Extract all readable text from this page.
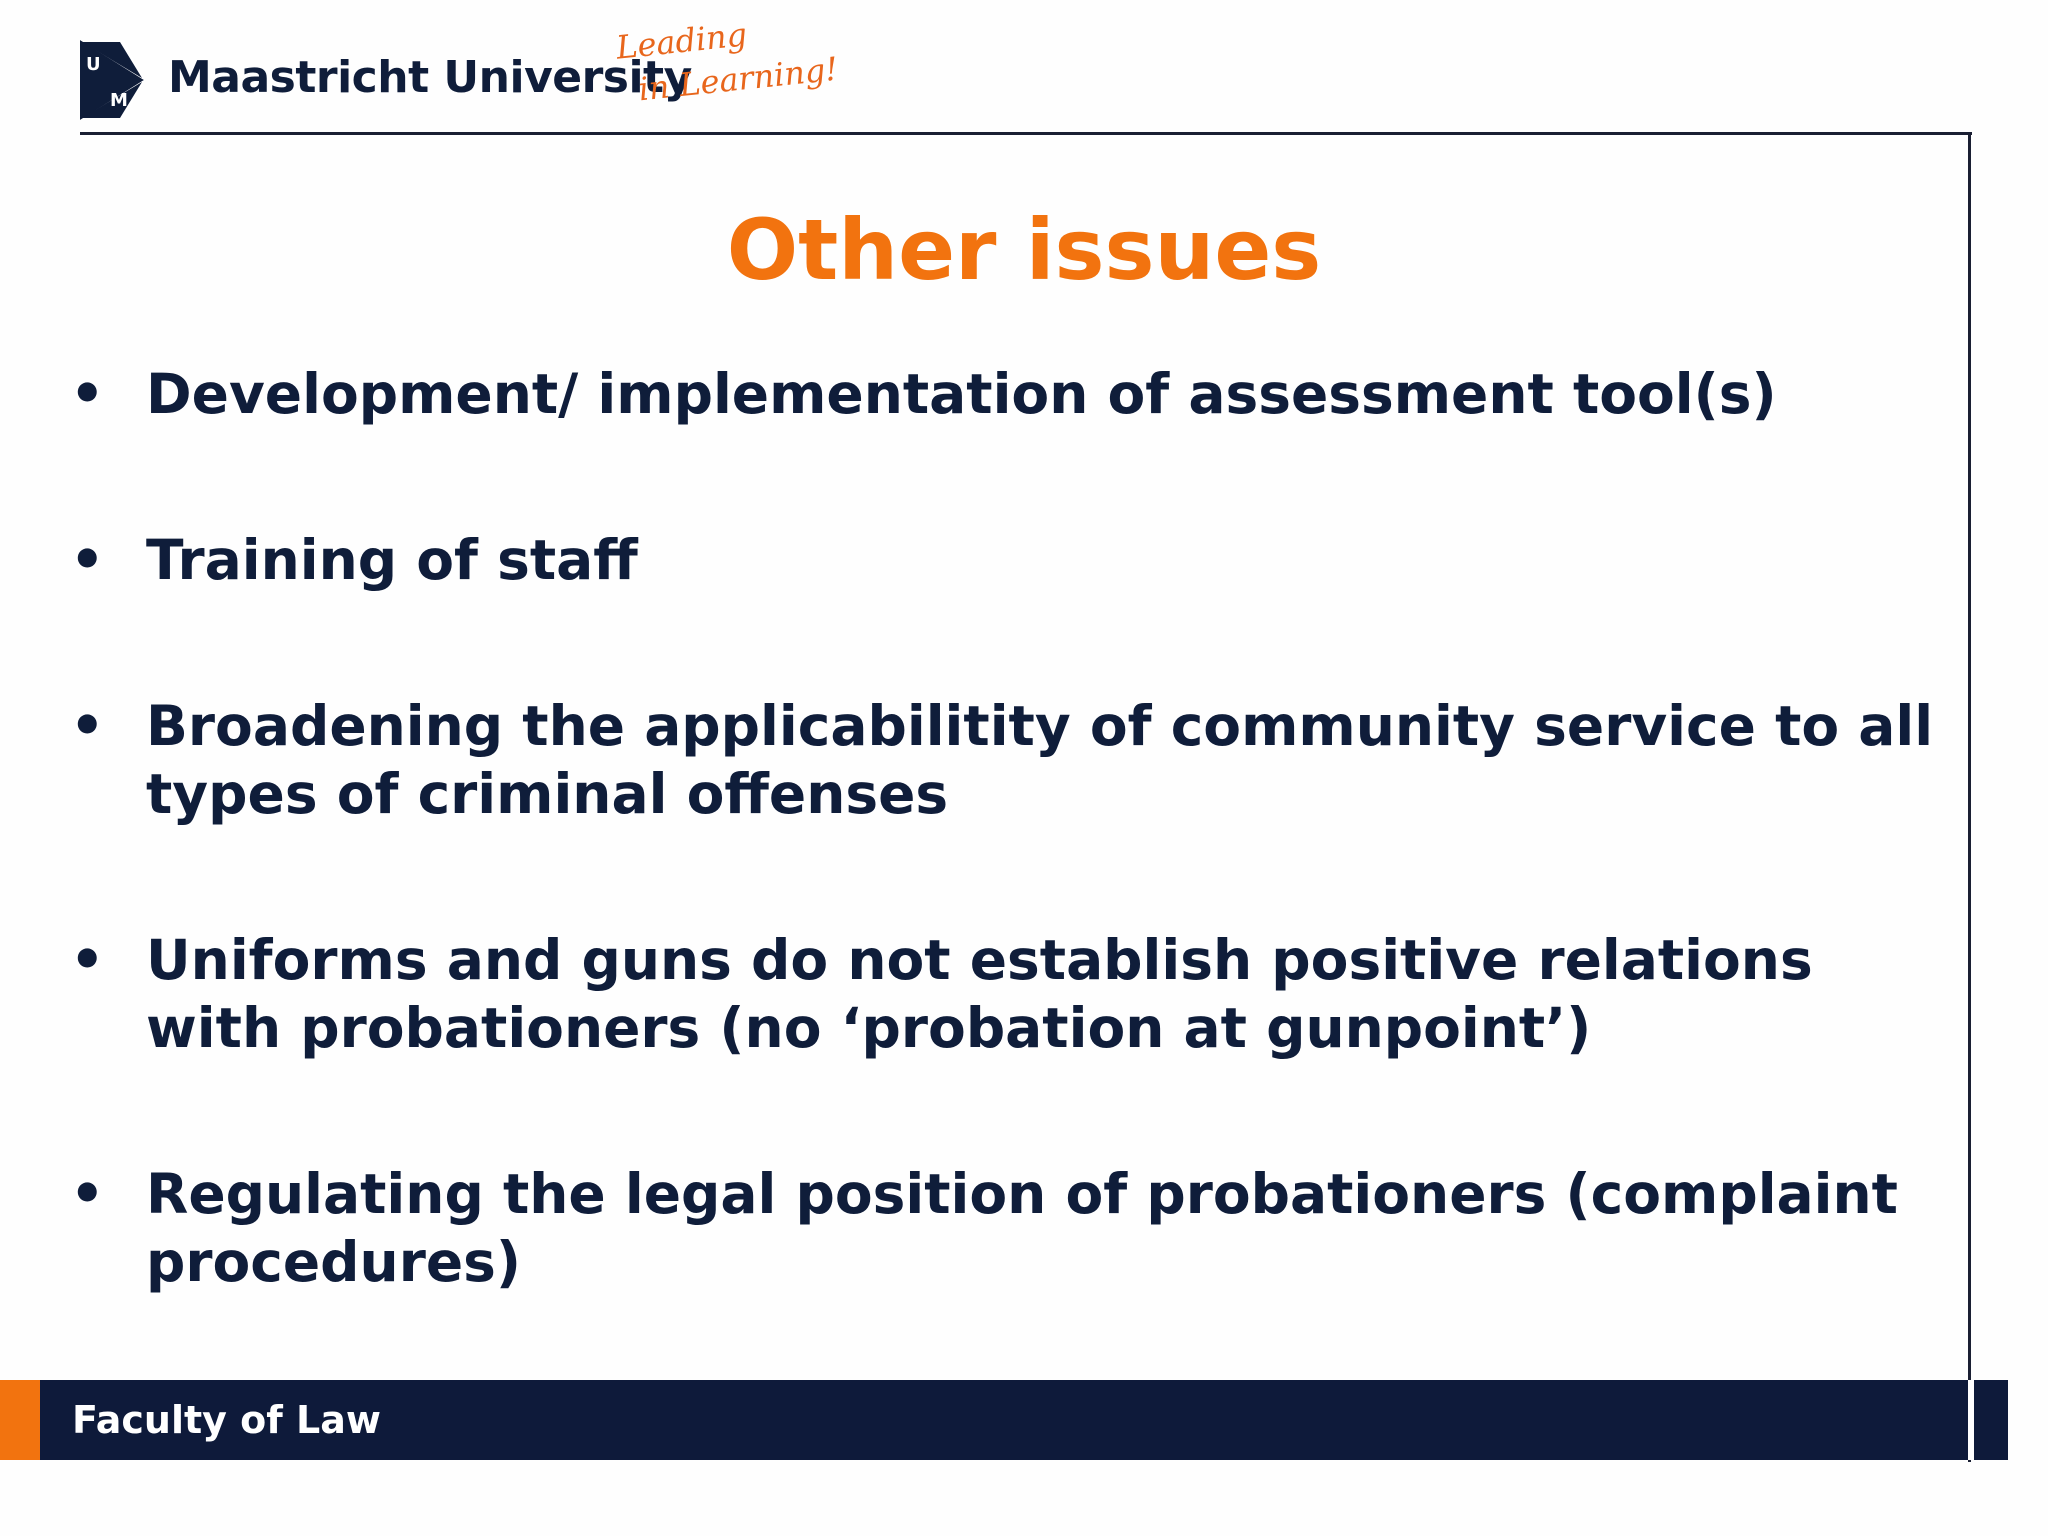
U
M Maastricht University
Leading
in Learning!
Other issues
• Development/ implementation of assessment tool(s)
• Training of staff
• Broadening the applicabilitity of community service to all types of criminal offenses
• Uniforms and guns do not establish positive relations with probationers (no ‘probation at gunpoint’)
• Regulating the legal position of probationers (complaint procedures)
Faculty of Law
